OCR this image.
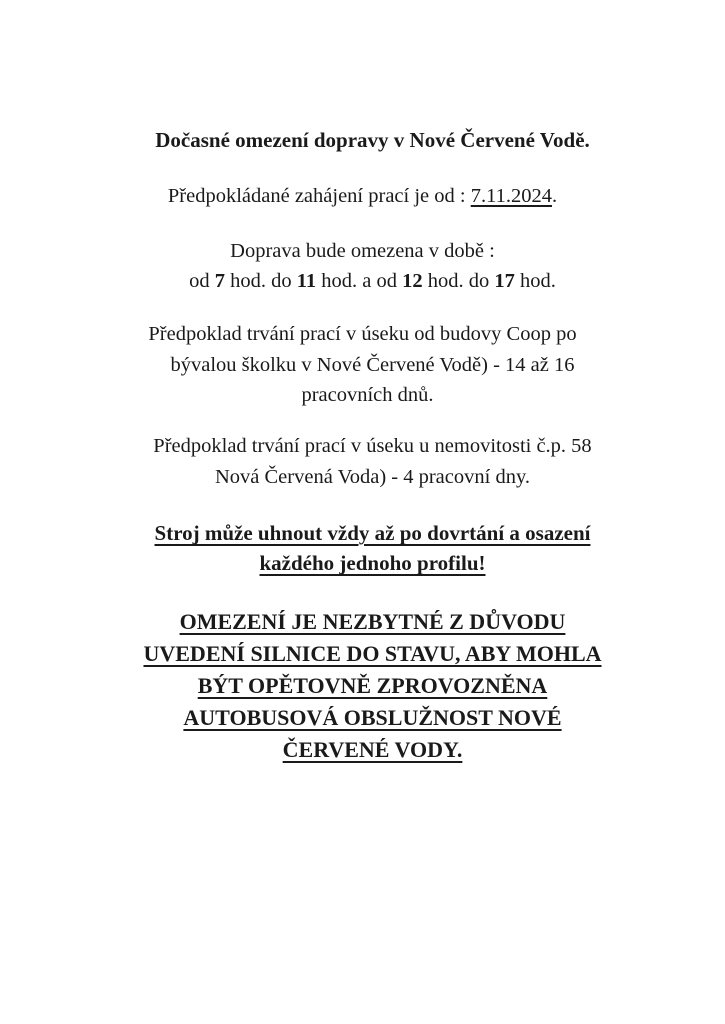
Dočasné omezení dopravy v Nové Červené Vodě.
Předpokládané zahájení prací je od : 7.11.2024.
Doprava bude omezena v době :
od 7 hod. do 11 hod. a od 12 hod. do 17 hod.
Předpoklad trvání prací v úseku od budovy Coop po
bývalou školku v Nové Červené Vodě) - 14 až 16
pracovních dnů.
Předpoklad trvání prací v úseku u nemovitosti č.p. 58
Nová Červená Voda) - 4 pracovní dny.
Stroj může uhnout vždy až po dovrtání a osazení
každého jednoho profilu!
OMEZENÍ JE NEZBYTNÉ Z DŮVODU
UVEDENÍ SILNICE DO STAVU, ABY MOHLA
BÝT OPĚTOVNĚ ZPROVOZNĚNA
AUTOBUSOVÁ OBSLUŽNOST NOVÉ
ČERVENÉ VODY.
